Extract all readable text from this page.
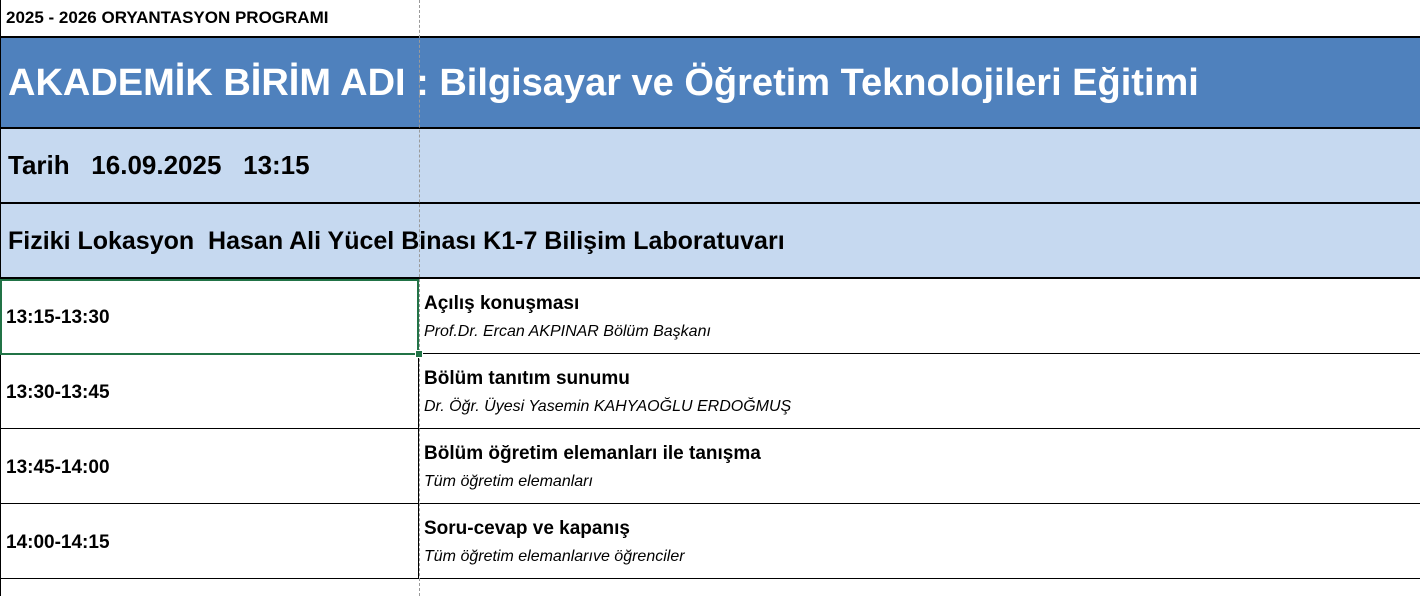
2025 - 2026 ORYANTASYON PROGRAMI
AKADEMİK BİRİM ADI : Bilgisayar ve Öğretim Teknolojileri Eğitimi
Tarih   16.09.2025   13:15
Fiziki Lokasyon  Hasan Ali Yücel Binası K1-7 Bilişim Laboratuvarı
13:15-13:30
Açılış konuşması
Prof.Dr. Ercan AKPINAR Bölüm Başkanı
13:30-13:45
Bölüm tanıtım sunumu
Dr. Öğr. Üyesi Yasemin KAHYAOĞLU ERDOĞMUŞ
13:45-14:00
Bölüm öğretim elemanları ile tanışma
Tüm öğretim elemanları
14:00-14:15
Soru-cevap ve kapanış
Tüm öğretim elemanlarıve öğrenciler
